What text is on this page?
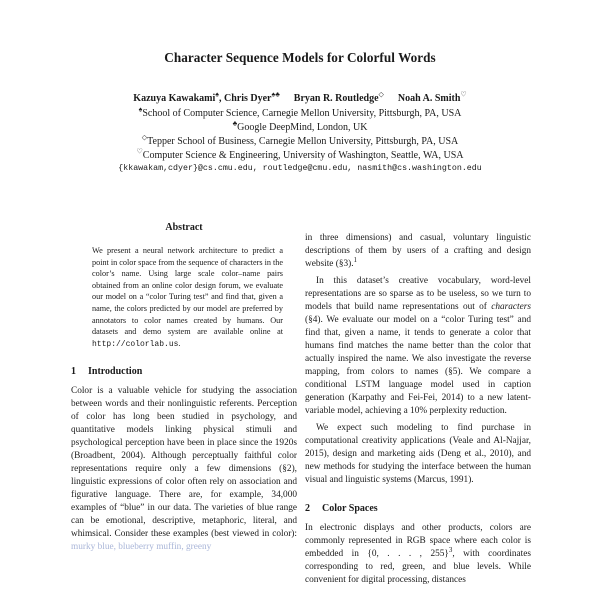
Character Sequence Models for Colorful Words
Kazuya Kawakami♠, Chris Dyer♠♣ Bryan R. Routledge◇ Noah A. Smith♡
♠School of Computer Science, Carnegie Mellon University, Pittsburgh, PA, USA
♣Google DeepMind, London, UK
◇Tepper School of Business, Carnegie Mellon University, Pittsburgh, PA, USA
♡Computer Science & Engineering, University of Washington, Seattle, WA, USA
{kkawakam,cdyer}@cs.cmu.edu, routledge@cmu.edu, nasmith@cs.washington.edu
Abstract
We present a neural network architecture to predict a point in color space from the sequence of characters in the color’s name. Using large scale color–name pairs obtained from an online color design forum, we evaluate our model on a “color Turing test” and find that, given a name, the colors predicted by our model are preferred by annotators to color names created by humans. Our datasets and demo system are available online at http://colorlab.us.
1 Introduction

Color is a valuable vehicle for studying the association between words and their nonlinguistic referents. Perception of color has long been studied in psychology, and quantitative models linking physical stimuli and psychological perception have been in place since the 1920s (Broadbent, 2004). Although perceptually faithful color representations require only a few dimensions (§2), linguistic expressions of color often rely on association and figurative language. There are, for example, 34,000 examples of “blue” in our data. The varieties of blue range can be emotional, descriptive, metaphoric, literal, and whimsical. Consider these examples (best viewed in color): murky blue, blueberry muffin, greeny

in three dimensions) and casual, voluntary linguistic descriptions of them by users of a crafting and design website (§3).$^1$

In this dataset’s creative vocabulary, word-level representations are so sparse as to be useless, so we turn to models that build name representations out of characters (§4). We evaluate our model on a “color Turing test” and find that, given a name, it tends to generate a color that humans find matches the name better than the color that actually inspired the name. We also investigate the reverse mapping, from colors to names (§5). We compare a conditional LSTM language model used in caption generation (Karpathy and Fei-Fei, 2014) to a new latent-variable model, achieving a 10% perplexity reduction.

We expect such modeling to find purchase in computational creativity applications (Veale and Al-Najjar, 2015), design and marketing aids (Deng et al., 2010), and new methods for studying the interface between the human visual and linguistic systems (Marcus, 1991).

2 Color Spaces

In electronic displays and other products, colors are commonly represented in RGB space where each color is embedded in {0, . . . , 255}$^3$, with coordinates corresponding to red, green, and blue levels. While convenient for digital processing, distances
